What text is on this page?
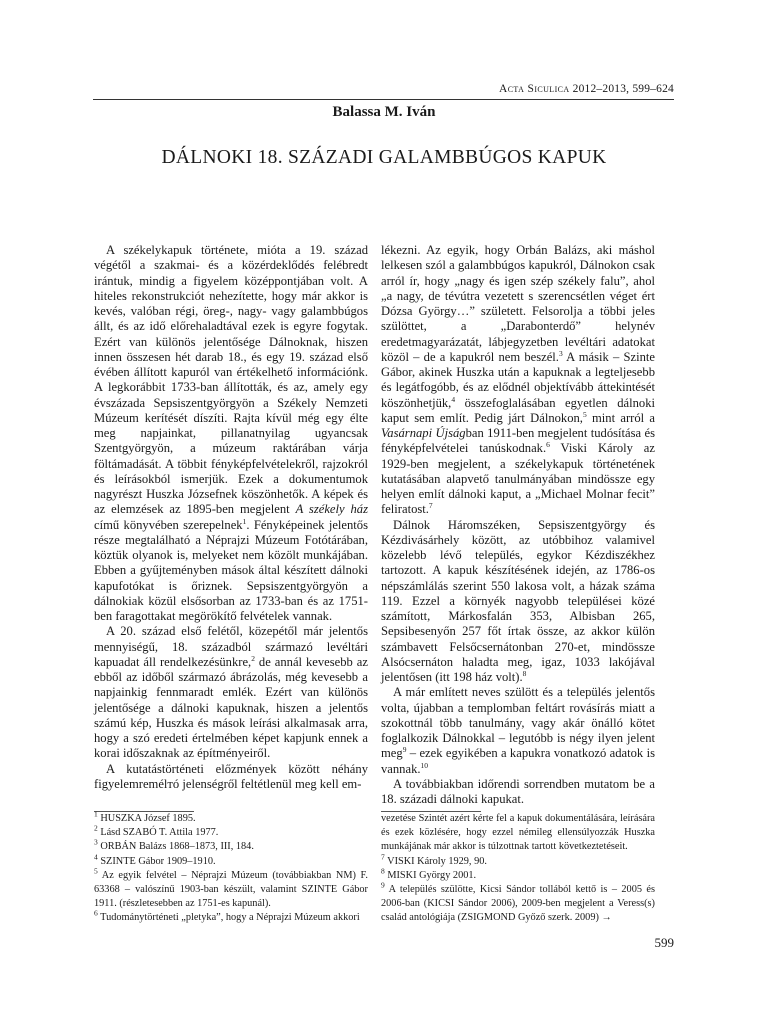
Acta Siculica 2012–2013, 599–624
Balassa M. Iván
DÁLNOKI 18. SZÁZADI GALAMBBÚGOS KAPUK

A székelykapuk története, mióta a 19. század végétől a szakmai- és a közérdeklődés felébredt irántuk, mindig a figyelem középpontjában volt. A hiteles rekonstrukciót nehezítette, hogy már akkor is kevés, valóban régi, öreg-, nagy- vagy galambbúgos állt, és az idő előrehaladtával ezek is egyre fogytak. Ezért van különös jelentősége Dálnoknak, hiszen innen összesen hét darab 18., és egy 19. század első évében állított kapuról van értékelhető információnk. A legkorábbit 1733-ban állították, és az, amely egy évszázada Sepsiszentgyörgyön a Székely Nemzeti Múzeum kerítését díszíti. Rajta kívül még egy élte meg napjainkat, pillanatnyilag ugyancsak Szentgyörgyön, a múzeum raktárában várja föltámadását. A többit fényképfelvételekről, rajzokról és leírásokból ismerjük. Ezek a dokumentumok nagyrészt Huszka Józsefnek köszönhetők. A képek és az elemzések az 1895-ben megjelent A székely ház című könyvében szerepelnek$^1$. Fényképeinek jelentős része megtalálható a Néprajzi Múzeum Fotótárában, köztük olyanok is, melyeket nem közölt munkájában. Ebben a gyűjteményben mások által készített dálnoki kapufotókat is őriznek. Sepsiszentgyörgyön a dálnokiak közül elsősorban az 1733-ban és az 1751-ben faragottakat megörökítő felvételek vannak.

A 20. század első felétől, közepétől már jelentős mennyiségű, 18. századból származó levéltári kapuadat áll rendelkezésünkre,$^2$ de annál kevesebb az ebből az időből származó ábrázolás, még kevesebb a napjainkig fennmaradt emlék. Ezért van különös jelentősége a dálnoki kapuknak, hiszen a jelentős számú kép, Huszka és mások leírási alkalmasak arra, hogy a szó eredeti értelmében képet kapjunk ennek a korai időszaknak az építményeiről.

A kutatástörténeti előzmények között néhány figyelemremélтó jelenségről feltétlenül meg kell em-

lékezni. Az egyik, hogy Orbán Balázs, aki máshol lelkesen szól a galambbúgos kapukról, Dálnokon csak arról ír, hogy „nagy és igen szép székely falu”, ahol „a nagy, de tévútra vezetett s szerencsétlen véget ért Dózsa György…” született. Felsorolja a többi jeles szülöttet, a „Darabonterdő” helynév eredetmagyarázatát, lábjegyzetben levéltári adatokat közöl – de a kapukról nem beszél.$^3$ A másik – Szinte Gábor, akinek Huszka után a kapuknak a legteljesebb és legátfogóbb, és az elődnél objektívább áttekintését köszönhetjük,$^4$ összefoglalásában egyetlen dálnoki kaput sem említ. Pedig járt Dálnokon,$^5$ mint arról a Vasárnapi Újságban 1911-ben megjelent tudósítása és fényképfelvételei tanúskodnak.$^6$ Viski Károly az 1929-ben megjelent, a székelykapuk történetének kutatásában alapvető tanulmányában mindössze egy helyen említ dálnoki kaput, a „Michael Molnar fecit” feliratost.$^7$

Dálnok Háromszéken, Sepsiszentgyörgy és Kézdivásárhely között, az utóbbihoz valamivel közelebb lévő település, egykor Kézdiszékhez tartozott. A kapuk készítésének idején, az 1786-os népszámlálás szerint 550 lakosa volt, a házak száma 119. Ezzel a környék nagyobb települései közé számított, Márkosfalán 353, Albisban 265, Sepsibesenyőn 257 főt írtak össze, az akkor külön számbavett Felsőcsernátonban 270-et, mindössze Alsócsernáton haladta meg, igaz, 1033 lakójával jelentősen (itt 198 ház volt).$^8$

A már említett neves szülött és a település jelentős volta, újabban a templomban feltárt rovásírás miatt a szokottnál több tanulmány, vagy akár önálló kötet foglalkozik Dálnokkal – legutóbb is négy ilyen jelent meg$^9$ – ezek egyikében a kapukra vonatkozó adatok is vannak.$^{10}$

A továbbiakban időrendi sorrendben mutatom be a 18. századi dálnoki kapukat.

$^1$ HUSZKA József 1895.

$^2$ Lásd SZABÓ T. Attila 1977.

$^3$ ORBÁN Balázs 1868–1873, III, 184.

$^4$ SZINTE Gábor 1909–1910.

$^5$ Az egyik felvétel – Néprajzi Múzeum (továbbiakban NM) F. 63368 – valószínű 1903-ban készült, valamint SZINTE Gábor 1911. (részletesebben az 1751-es kapunál).

$^6$ Tudománytörténeti „pletyka”, hogy a Néprajzi Múzeum akkori

vezetése Szintét azért kérte fel a kapuk dokumentálására, leírására és ezek közlésére, hogy ezzel némileg ellensúlyozzák Huszka munkájának már akkor is túlzottnak tartott következtetéseit.

$^7$ VISKI Károly 1929, 90.

$^8$ MISKI György 2001.

$^9$ A település szülötte, Kicsi Sándor tollából kettő is – 2005 és 2006-ban (KICSI Sándor 2006), 2009-ben megjelent a Veress(s) család antológiája (ZSIGMOND Győző szerk. 2009) →

599
